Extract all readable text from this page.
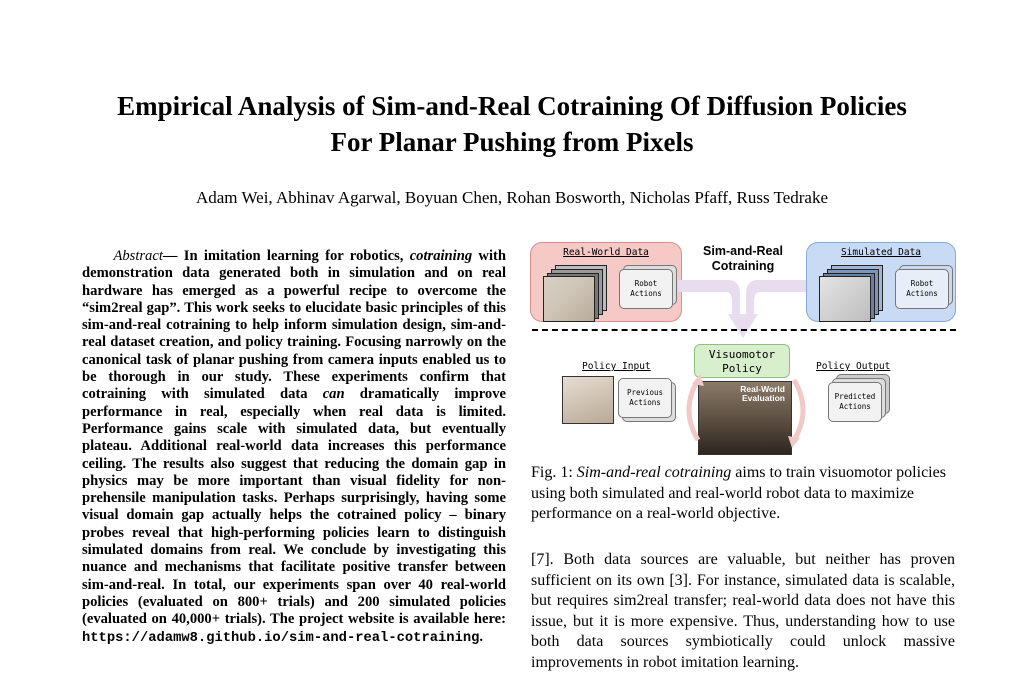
Empirical Analysis of Sim-and-Real Cotraining Of Diffusion Policies
For Planar Pushing from Pixels
Adam Wei, Abhinav Agarwal, Boyuan Chen, Rohan Bosworth, Nicholas Pfaff, Russ Tedrake
Abstract— In imitation learning for robotics, cotraining with demonstration data generated both in simulation and on real hardware has emerged as a powerful recipe to overcome the “sim2real gap”. This work seeks to elucidate basic principles of this sim-and-real cotraining to help inform simulation design, sim-and-real dataset creation, and policy training. Focusing narrowly on the canonical task of planar pushing from camera inputs enabled us to be thorough in our study. These experiments confirm that cotraining with simulated data can dramatically improve performance in real, especially when real data is limited. Performance gains scale with simulated data, but eventually plateau. Additional real-world data increases this performance ceiling. The results also suggest that reducing the domain gap in physics may be more important than visual fidelity for non-prehensile manipulation tasks. Perhaps surprisingly, having some visual domain gap actually helps the cotrained policy – binary probes reveal that high-performing policies learn to distinguish simulated domains from real. We conclude by investigating this nuance and mechanisms that facilitate positive transfer between sim-and-real. In total, our experiments span over 40 real-world policies (evaluated on 800+ trials) and 200 simulated policies (evaluated on 40,000+ trials). The project website is available here: https://adamw8.github.io/sim-and-real-cotraining.
Real-World Data
Robot Actions
Sim-and-Real Cotraining
Simulated Data
Robot Actions
Visuomotor Policy
Policy Input
Previous Actions
Real-World Evaluation
Policy Output
Predicted Actions
Fig. 1: Sim-and-real cotraining aims to train visuomotor policies using both simulated and real-world robot data to maximize performance on a real-world objective.
[7]. Both data sources are valuable, but neither has proven sufficient on its own [3]. For instance, simulated data is scalable, but requires sim2real transfer; real-world data does not have this issue, but it is more expensive. Thus, understanding how to use both data sources symbiotically could unlock massive improvements in robot imitation learning.
